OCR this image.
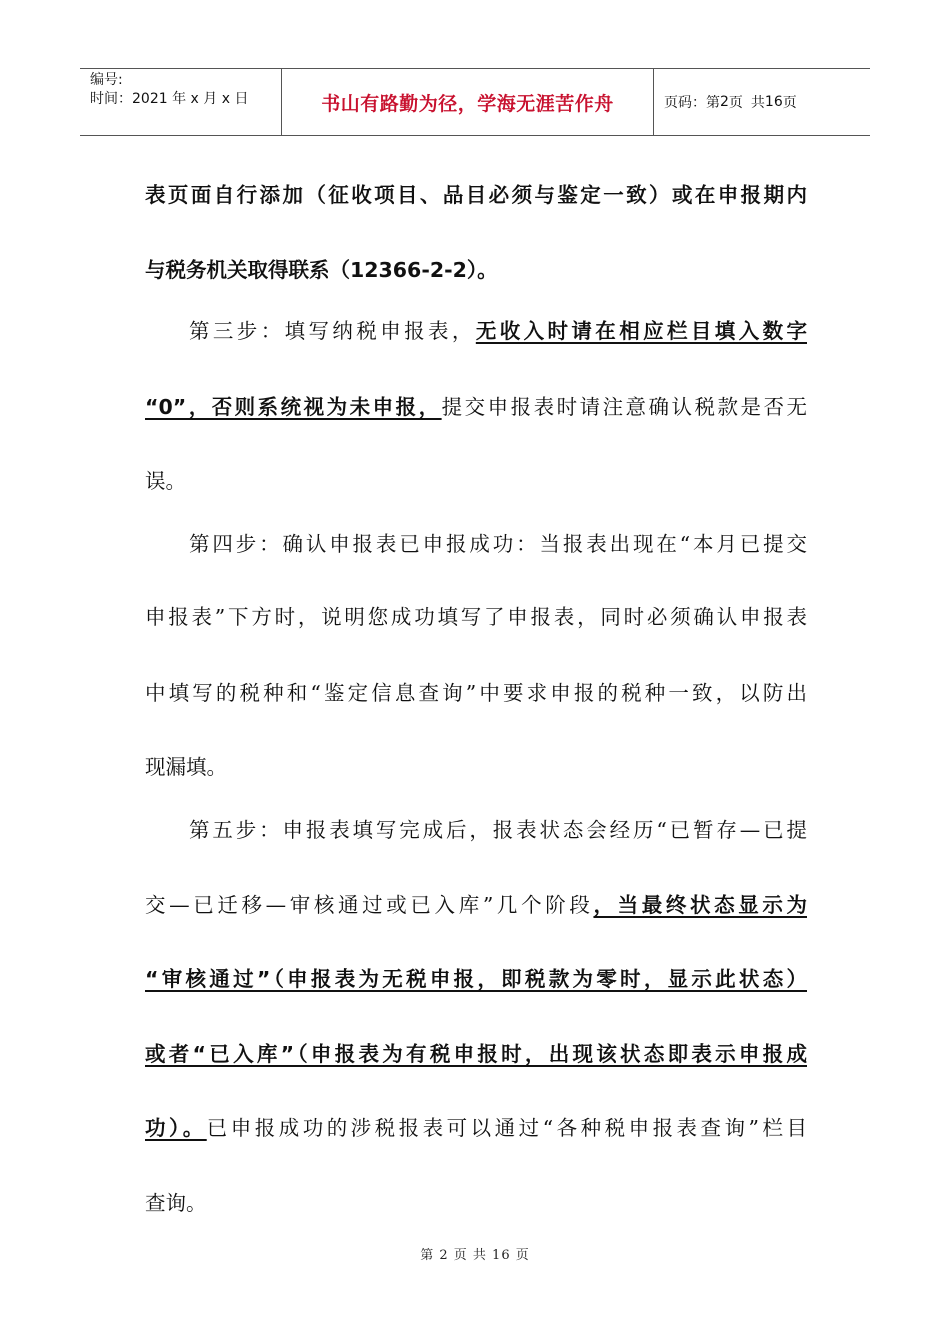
编号:
时间：2021 年 x 月 x 日	书山有路勤为径，学海无涯苦作舟	页码：第 2 页 共 16 页
表页面自行添加（征收项目、品目必须与鉴定一致）或在申报期内
与税务机关取得联系（12366-2-2）。
第三步：填写纳税申报表，无收入时请在相应栏目填入数字
“0”，否则系统视为未申报，提交申报表时请注意确认税款是否无
误。
第四步：确认申报表已申报成功：当报表出现在“本月已提交
申报表”下方时，说明您成功填写了申报表，同时必须确认申报表
中填写的税种和“鉴定信息查询”中要求申报的税种一致，以防出
现漏填。
第五步：申报表填写完成后，报表状态会经历“已暂存—已提
交—已迁移—审核通过或已入库”几个阶段，当最终状态显示为
“审核通过”（申报表为无税申报，即税款为零时，显示此状态）
或者“已入库”（申报表为有税申报时，出现该状态即表示申报成
功）。已申报成功的涉税报表可以通过“各种税申报表查询”栏目
查询。
第 2 页 共 16 页
